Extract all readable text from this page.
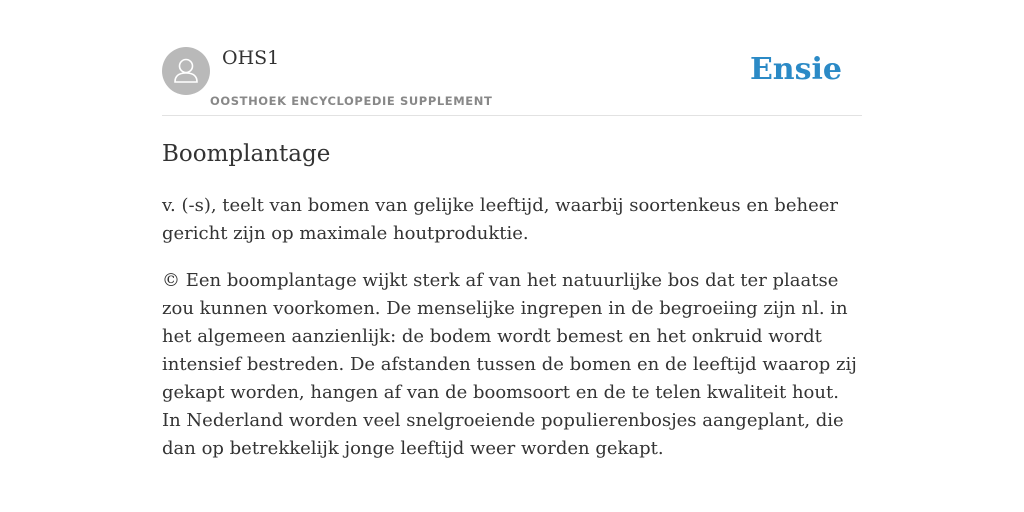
OHS1
OOSTHOEK ENCYCLOPEDIE SUPPLEMENT
Ensie
Boomplantage

v. (-s), teelt van bomen van gelijke leeftijd, waarbij soortenkeus en beheer gericht zijn op maximale houtproduktie.

© Een boomplantage wijkt sterk af van het natuurlijke bos dat ter plaatse zou kunnen voorkomen. De menselijke ingrepen in de begroeiing zijn nl. in het algemeen aanzienlijk: de bodem wordt bemest en het onkruid wordt intensief bestreden. De afstanden tussen de bomen en de leeftijd waarop zij gekapt worden, hangen af van de boomsoort en de te telen kwaliteit hout. In Nederland worden veel snelgroeiende populierenbosjes aangeplant, die dan op betrekkelijk jonge leeftijd weer worden gekapt.
